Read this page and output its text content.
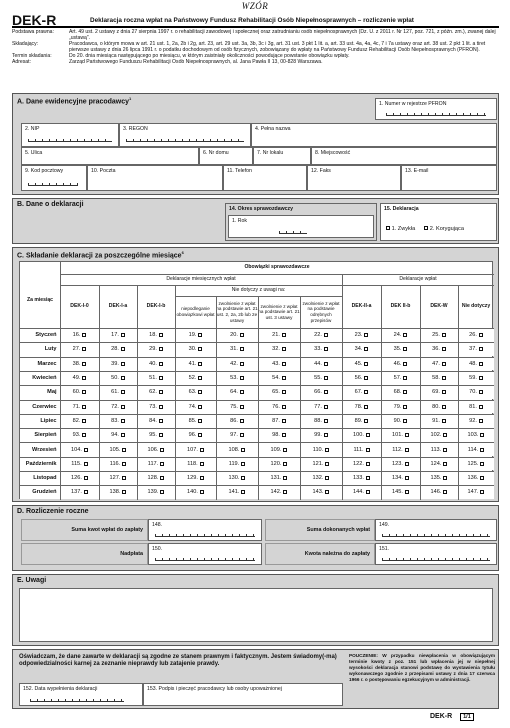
WZÓR
DEK-R	Deklaracja roczna wpłat na Państwowy Fundusz Rehabilitacji Osób Niepełnosprawnych – rozliczenie wpłat
Podstawa prawna:	Art. 49 ust. 2 ustawy z dnia 27 sierpnia 1997 r. o rehabilitacji zawodowej i społecznej oraz zatrudnianiu osób niepełnosprawnych (Dz. U. z 2011 r. Nr 127, poz. 721, z późn. zm.), zwanej dalej „ustawą”.
Składający:	Pracodawca, o którym mowa w art. 21 ust. 1, 2a, 2b i 2g, art. 23, art. 29 ust. 3a, 3b, 3c i 3g, art. 31 ust. 3 pkt 1 lit. a, art. 33 ust. 4a, 4a, 4c, 7 i 7a ustawy oraz art. 38 ust. 2 pkt 1 lit. a tiret pierwsze ustawy z dnia 26 lipca 1991 r. o podatku dochodowym od osób fizycznych, zobowiązany do wpłaty na Państwowy Fundusz Rehabilitacji Osób Niepełnosprawnych (PFRON).
Termin składania:	Do 20. dnia miesiąca następującego po miesiącu, w którym zaistniały okoliczności powodujące powstanie obowiązku wpłaty.
Adresat:	Zarząd Państwowego Funduszu Rehabilitacji Osób Niepełnosprawnych, al. Jana Pawła II 13, 00-828 Warszawa.
A. Dane ewidencyjne pracodawcy$^1$
1. Numer w rejestrze PFRON
2. NIP	3. REGON	4. Pełna nazwa
5. Ulica	6. Nr domu	7. Nr lokalu	8. Miejscowość
9. Kod pocztowy	10. Poczta	11. Telefon	12. Faks	13. E-mail
B. Dane o deklaracji
14. Okres sprawozdawczy
1. Rok
15. Deklaracja
1. Zwykła	2. Korygująca
C. Składanie deklaracji za poszczególne miesiące$^6$
Obowiązki sprawozdawcze
Deklaracje miesięcznych wpłat	Deklaracje wpłat
Nie dotyczy z uwagi na:
Za miesiąc
DEK-I-0	DEK-I-a	DEK-I-b
niepodleganie obowiązkowi wpłat
zwolnienie z wpłat na podstawie art. 21 ust. 2, 2a, 2b lub 2e ustawy
zwolnienie z wpłat na podstawie art. 21 ust. 3 ustawy
zwolnienie z wpłat na podstawie odrębnych przepisów
DEK-II-a	DEK II-b	DEK-W	Nie dotyczy
Styczeń	16.	17.	18.	19.	20.	21.	22.	23.	24.	25.	26.
Luty	27.	28.	29.	30.	31.	32.	33.	34.	35.	36.	37.
Marzec	38.	39.	40.	41.	42.	43.	44.	45.	46.	47.	48.
Kwiecień	49.	50.	51.	52.	53.	54.	55.	56.	57.	58.	59.
Maj	60.	61.	62.	63.	64.	65.	66.	67.	68.	69.	70.
Czerwiec	71.	72.	73.	74.	75.	76.	77.	78.	79.	80.	81.
Lipiec	82.	83.	84.	85.	86.	87.	88.	89.	90.	91.	92.
Sierpień	93.	94.	95.	96.	97.	98.	99.	100.	101.	102.	103.
Wrzesień	104.	105.	106.	107.	108.	109.	110.	111.	112.	113.	114.
Październik	115.	116.	117.	118.	119.	120.	121.	122.	123.	124.	125.
Listopad	126.	127.	128.	129.	130.	131.	132.	133.	134.	135.	136.
Grudzień	137.	138.	139.	140.	141.	142.	143.	144.	145.	146.	147.
D. Rozliczenie roczne
Suma kwot wpłat do zapłaty
148.
Suma dokonanych wpłat
149.
Nadpłata
150.
Kwota należna do zapłaty
151.
E. Uwagi
Oświadczam, że dane zawarte w deklaracji są zgodne ze stanem prawnym i faktycznym. Jestem świadomy(-ma) odpowiedzialności karnej za zeznanie nieprawdy lub zatajenie prawdy.
152. Data wypełnienia deklaracji	153. Podpis i pieczęć pracodawcy lub osoby upoważnionej
POUCZENIE: W przypadku niewpłacenia w obowiązującym terminie kwoty z poz. 151 lub wpłacenia jej w niepełnej wysokości deklaracja stanowi podstawę do wystawienia tytułu wykonawczego zgodnie z przepisami ustawy z dnia 17 czerwca 1966 r. o postępowaniu egzekucyjnym w administracji.
DEK-R 1/1
